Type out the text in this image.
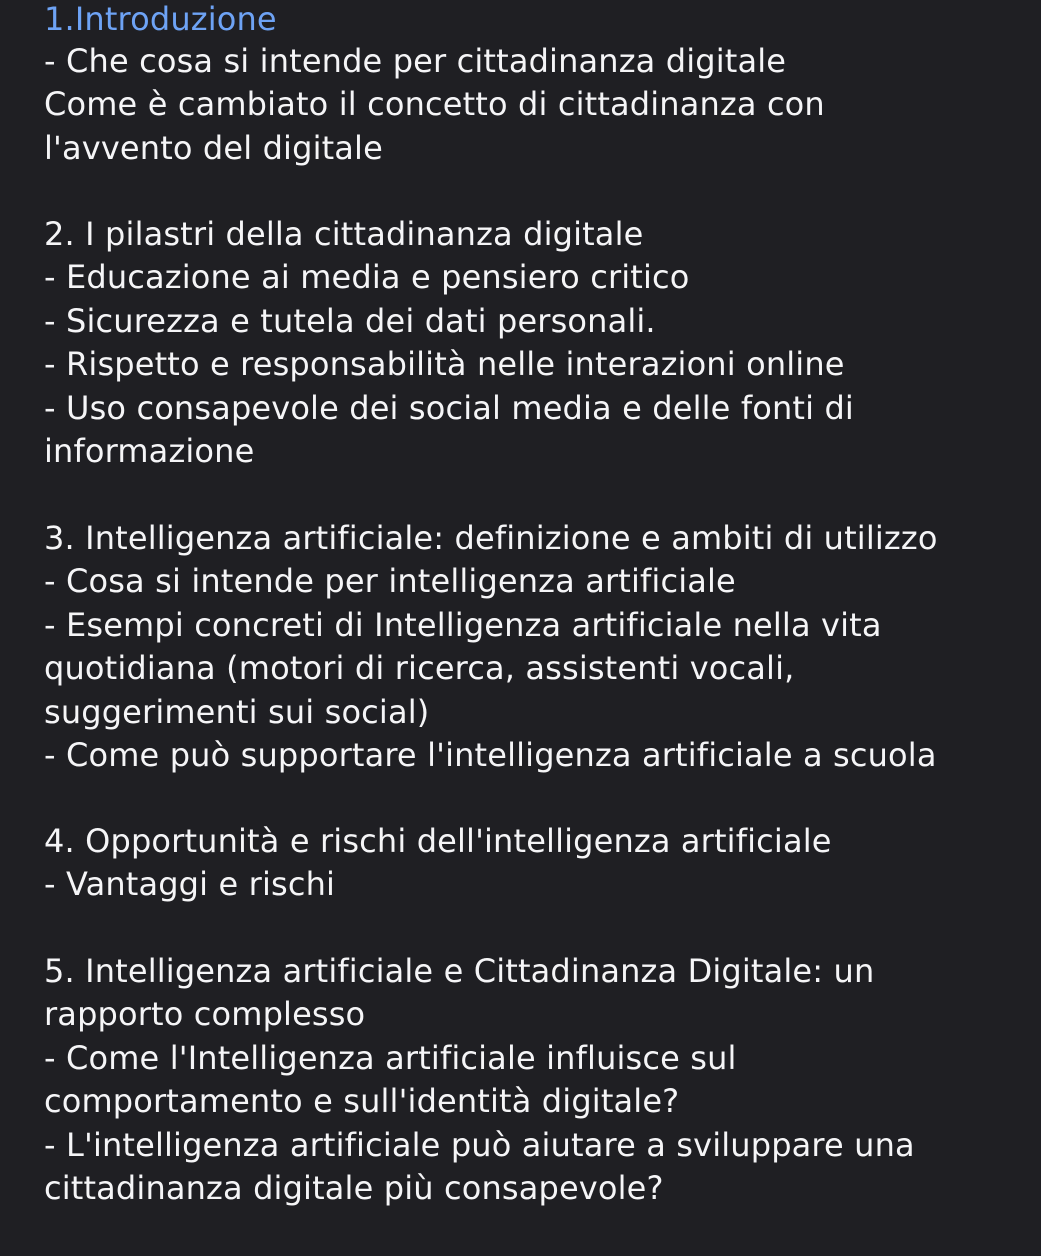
1.Introduzione
- Che cosa si intende per cittadinanza digitale
Come è cambiato il concetto di cittadinanza con
l'avvento del digitale
2. I pilastri della cittadinanza digitale
- Educazione ai media e pensiero critico
- Sicurezza e tutela dei dati personali.
- Rispetto e responsabilità nelle interazioni online
- Uso consapevole dei social media e delle fonti di
informazione
3. Intelligenza artificiale: definizione e ambiti di utilizzo
- Cosa si intende per intelligenza artificiale
- Esempi concreti di Intelligenza artificiale nella vita
quotidiana (motori di ricerca, assistenti vocali,
suggerimenti sui social)
- Come può supportare l'intelligenza artificiale a scuola
4. Opportunità e rischi dell'intelligenza artificiale
- Vantaggi e rischi
5. Intelligenza artificiale e Cittadinanza Digitale: un
rapporto complesso
- Come l'Intelligenza artificiale influisce sul
comportamento e sull'identità digitale?
- L'intelligenza artificiale può aiutare a sviluppare una
cittadinanza digitale più consapevole?
